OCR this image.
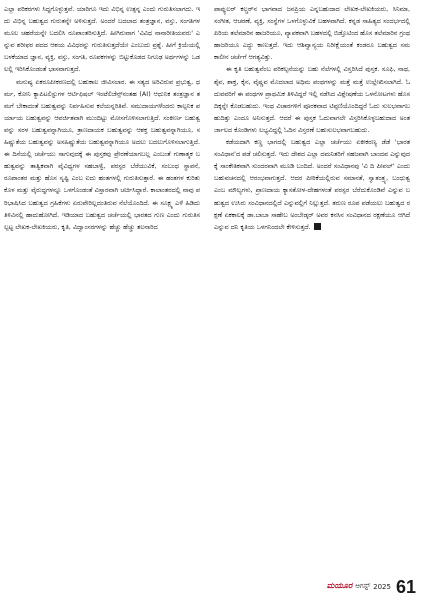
ಎಲ್ಲಾ ಪರಿಕರಗಳು ಸಿದ್ಧಗೊಳ್ಳುತ್ತವೆ. ಯಾರಿಗೂ ಇದು ವಿಭಿನ್ನ ಉತ್ಪನ್ನ ಎಂದು ಗುರುತಿಸಲಾಗದು. ಇದು ವಿಭಿನ್ನ ಬಹುತ್ವದ ಗುರುತನ್ನೇ ಅಳಿಸುತ್ತದೆ. ಅಂದರೆ ಬದಲಾದ ತಂತ್ರಜ್ಞಾನ, ವಸ್ತು, ಸಂಗತಿಗಳ ಮೂಲ ಚಹರೆಯನ್ನೇ ಬದಲಿಸಿ ರೂಪಾಂತರಿಸುತ್ತಿದೆ. ಹೀಗಿರುವಾಗ 'ವಿವಿಧ ನಾನಾರೀತಿಯವರು' ಎನ್ನುವ ಶರೀಫರ ಪದದ ಆಶಯ ವಿವಿಧರನ್ನು ಗುರುತಿಸುತ್ತದೆಯೇ ಎಂಬುದು ಪ್ರಶ್ನೆ. ಹೀಗೆ ಕ್ರಿಯೆಯಲ್ಲಿ ಬಳಕೆಯಾದ ಜ್ಞಾನ, ವ್ಯಕ್ತಿ, ವಸ್ತು, ಸಂಗತಿ, ರೂಪಕಗಳನ್ನು ಬಿಟ್ಟುಕೊಡದ ನಿಗೂಢ ಅರ್ಥಗಳನ್ನು ಒಡಲಲ್ಲಿ ಇರಿಸಿಕೊಂಡಂತೆ ಭಾಸವಾಗುತ್ತದೆ.

ಮನುಷ್ಯ ಏಕರೂಪೀಕರಣದಲ್ಲಿ ಬಹುಕಾಲ ಜೀವಿಸಲಾರ. ಈ ಸತ್ಯದ ಅರಿವಿರುವ ಪ್ರಭುತ್ವ, ಧರ್ಮ, ಕೋನಿ ಕ್ಯಾಪಿಟಲಿಸ್ಟುಗಳ ಆರ್ಟಿಫಿಷಲ್ ಇಂಟೆಲಿಜೆನ್ಸ್‌ನಂತಹ (AI) ಆಧುನಿಕ ತಂತ್ರಜ್ಞಾನ ತಮಗೆ ಬೇಕಾದಂತೆ ಬಹುತ್ವವನ್ನು ನಿರ್ವಹಿಸುವ ಕಲೆಯನ್ನರಿತಿವೆ. ಸಮುದಾಯಗಳೆಂದರು ಕಾಲ್ಪನಿಕ ಪರ್ಯಾಯ ಬಹುತ್ವವನ್ನು ಆಪರ್ಜಿತವಾಗಿ ಮುಂದಿಟ್ಟು ಮೋಸಗೊಳಿಸಲಾಗುತ್ತಿದೆ. ಸಂಕೀರ್ಣ ಬಹುತ್ವವನ್ನು ಸರಳ ಬಹುತ್ವವನ್ನಾಗಿಯೂ, ತ್ರಾಣದಾಯಕ ಬಹುತ್ವವನ್ನು ಆಶಕ್ತ ಬಹುತ್ವವನ್ನಾಗಿಯೂ, ಸಹಿಷ್ಣುತೆಯ ಬಹುತ್ವವನ್ನು ಅಸಹಿಷ್ಣುತೆಯ ಬಹುತ್ವವನ್ನಾಗಿಯೂ ಅದಲು ಬದಲುಗೊಳಿಸಲಾಗುತ್ತಿದೆ. ಈ ದಿಸೆಯಲ್ಲಿ ಚರ್ಚೆಯು ಸಾಗುವುದಕ್ಕೆ ಈ ಪುಸ್ತಕವು ಪ್ರೇರಣೆಯಾಗಬಲ್ಲ ಎಂಬಂತೆ ಗುಣಾತ್ಮಕ ಬಹುತ್ವವನ್ನು ತಾತ್ವಿಕವಾಗಿ ವೈವಿಧ್ಯಗಳ ಸಹಬಾಳ್ವೆ, ಪರಸ್ಪರ ಬೆರೆಯುವಿಕೆ, ಸಂಬಂಧ ಸ್ಥಾಪನೆ, ರೂಪಾಂತರ ಮತ್ತು ಹೊಸ ಸೃಷ್ಟಿ ಎಂಬ ಐದು ಹಂತಗಳಲ್ಲಿ ಗುರುತಿಸುತ್ತಾರೆ. ಈ ಹಂತಗಳ ಕುರಿತು ಕೊಳ ಮತ್ತು ವೈರುದ್ಧಗಳನ್ನೂ ಒಳಗೊಂಡಂತೆ ವಿಸ್ತಾರವಾಗಿ ಚರ್ಚಿಸಿದ್ದಾರೆ. ಕಾಲಾಂತರದಲ್ಲಿ ನಾವು ಪರಿಭಾಷಿಸಿದ ಬಹುತ್ವದ ಗ್ರಹಿಕೆಗಳು ಏರುಪೇರಿಲ್ಲದಂತಿರುವ ನೆಲೆಯೊಂದಿದೆ. ಈ ಸೂಕ್ಷ್ಮ ಎಳೆ ಹಿಡಿದು ತಿಳಿವಿನಲ್ಲಿ ಹಾದುಹೋಗಿದೆ. ಇಡಿಯಾದ ಬಹುತ್ವದ ಚರ್ಚೆಯಲ್ಲಿ ಭಾರತದ ಗುಣ ಎಂದು ಗುರುತಿಸಲ್ಪಟ್ಟ ಲೇಖಕ-ಲೇಖಕಿಯರು, ಕೃತಿ, ವಿದ್ವಾಂಸರಗಳನ್ನು ಹೆಚ್ಚು ಹೆಚ್ಚು ತಲನಾರಿದ

ಪಾಪ್ಯುಲರ್ ಕಲ್ಚರ್‌ನ ಭಾಗವಾದ ಜನಪ್ರಿಯ ಎನ್ನಬಹುದಾದ ಲೇಖಕ-ಲೇಖಕಿಯರು, ಸಿನಿಮಾ, ಸಂಗೀತ, ಆಚರಣೆ, ವ್ಯಕ್ತಿ, ಸಂಸ್ಥೆಗಳ ಒಳಗೊಳ್ಳುವಿಕೆ ಬಹಳವಾಗಿದೆ. ಕನ್ನಡ ಸಾಹಿತ್ಯದ ಸಂದರ್ಭದಲ್ಲಿ ಪಿರಿಯ ತಲೆಮಾರಿನ ಹಾಜರಿಯೂ, ವ್ಯಾಪಕವಾಗಿ ಬಹಳದಲ್ಲಿ ಬಿಡ್ತೊಟಿಂದ ಹೊಸ ತಲೆಮಾರಿನ ಗ್ರಂಥ ಹಾಜರಿಯೂ ಎದ್ದು ಕಾಣುತ್ತದೆ. ಇದು ಆಶಿವ್ವಾನ್ಯಯ ನಿರೀಕ್ಷೆಯಂತೆ ಕಂಡರೂ ಬಹುತ್ವದ ಸಮಕಾಲೀನ ಚರ್ಚೆಗೆ ಆಗತ್ಯವಿತ್ತು.

ಈ ಕೃತಿ ಬಹುತ್ವವೆಂಬ ಪರಿಕಲ್ಪನೆಯನ್ನು ಬಹು ನೆಲೆಗಳಲ್ಲಿ ವಿಸ್ತರಿಸಿದೆ ಪುಸ್ತಕ. ಸೂಫಿ, ನಾಥ, ಶೈವ, ಶಾಕ್ತ, ಕೈನ, ವೈಷ್ಣವ ಮೊದಲಾದ ಅಧಿಮ ಪಂಥಗಳನ್ನು ಮತ್ತೆ ಮತ್ತೆ ಉಲ್ಲೇಖಿಸಲಾಗಿದೆ. ಓದುವವರಿಗೆ ಈ ಪಂಥಗಳ ಪ್ರಾಥಮಿಕ ತಿಳಿವಿದ್ದರೆ ಇಲ್ಲಿ ನಡೆಸಿದ ವಿಶ್ಲೇಷಣೆಯ ಒಳನೋಟಗಳು ಹೊಸದಿಕ್ಕನ್ನೇ ಕೊಡಬಹುದು. ಇಂಥ ವಿಚಾರಗಳಿಗೆ ಪೂರಕವಾದ ಟಿಪ್ಪಣಿಯೊಂದಿದ್ದರೆ ಓದು ಸುಲಭವಾಗಬಹುದಿತ್ತು ಎಂದೂ ಅನಿಸುತ್ತದೆ. ಆದರೆ ಈ ಪುಸ್ತಕ ಓದುವಾಗಲೇ ವಿಸ್ತರಿಸಿಕೊಳ್ಳಬಹುದಾದ ಅಂತರ್ಜಾಲದ ಕೊಂಡಿಗಳು ಲಭ್ಯವಿದ್ದಲ್ಲಿ ಓದಿನ ವಿಸ್ತರಣೆ ಬಹುಸುಲಭವಾಗಬಹುದು.

ಕಡೆಯದಾಗಿ ಕಣ್ಣ ಭಾಗದಲ್ಲಿ ಬಹುತ್ವದ ಎಲ್ಲಾ ಚರ್ಚೆಯು ಏಕೀಕರಣ್ಯ ಡೆಡೆ 'ಭಾರತ ಸಂವಿಧಾನ'ದ ಪಡೆ ಚಲಿಸುತ್ತದೆ. ಇದು ದೇಶದ ಎಲ್ಲಾ ದಮನಿತರಿಗೆ ಸಹಜವಾಗಿ ಬಾಂದವ ಎನ್ನುವುದಕ್ಕೆ ಸಾಂಕೇತಿಕವಾಗಿ ಸುಂದರವಾಗಿ ಮೂಡಿ ಬಂದಿದೆ. ಅಂದರೆ ಸಂವಿಧಾನವು 'ವಿ ದಿ ಪೀಪಲ್' ಎಂದು ಬಹುವಚನದಲ್ಲಿ ಆರಂಭವಾಗುತ್ತದೆ. ಆದರ ಪೀಠಿಕೆಯಲ್ಲಿರುವ ಸಮಾನತೆ, ಸ್ವಾತಂತ್ರ್ಯ, ಬಂಧುತ್ವ ಎಂಬ ಮೌಲ್ಯಗಳು, ಪ್ರಾಣದಾಯ ಕ್ಯಾಸತೋಳ-ದೇಹಗಳಂತೆ ಪರಸ್ಪರ ಬೆರೆದುಕೊಂಡಿವೆ ಎನ್ನುವ ಬಹುತ್ವದ ಉಸಿರು ಸಂವಿಧಾನದಲ್ಲಿದೆ ಎನ್ನುವಲ್ಲಿಗೆ ನಿಲ್ಲುತ್ತದೆ. ತರುಣ ರೂಪ ಪಡೆಯಲು ಬಹುತ್ವದ ರಕ್ಷಣೆ ಏಕಕಾಲಕ್ಕೆ ಡಾ.ಬಾಬಾ ಸಾಹೇಬ ಅಂಬೇಡ್ಕರ್ ಅವರ ಕನಸಿನ ಸಂವಿಧಾನದ ರಕ್ಷಣೆಯೂ ಆಗಿದೆ ಎನ್ನುವ ದನಿ ಕೃತಿಯ ಒಳಗನಿಂದಲೇ ಕೇಳಿಸುತ್ತದೆ.

ಮಯೂರ ಆಗಸ್ಟ್ 2025 61
